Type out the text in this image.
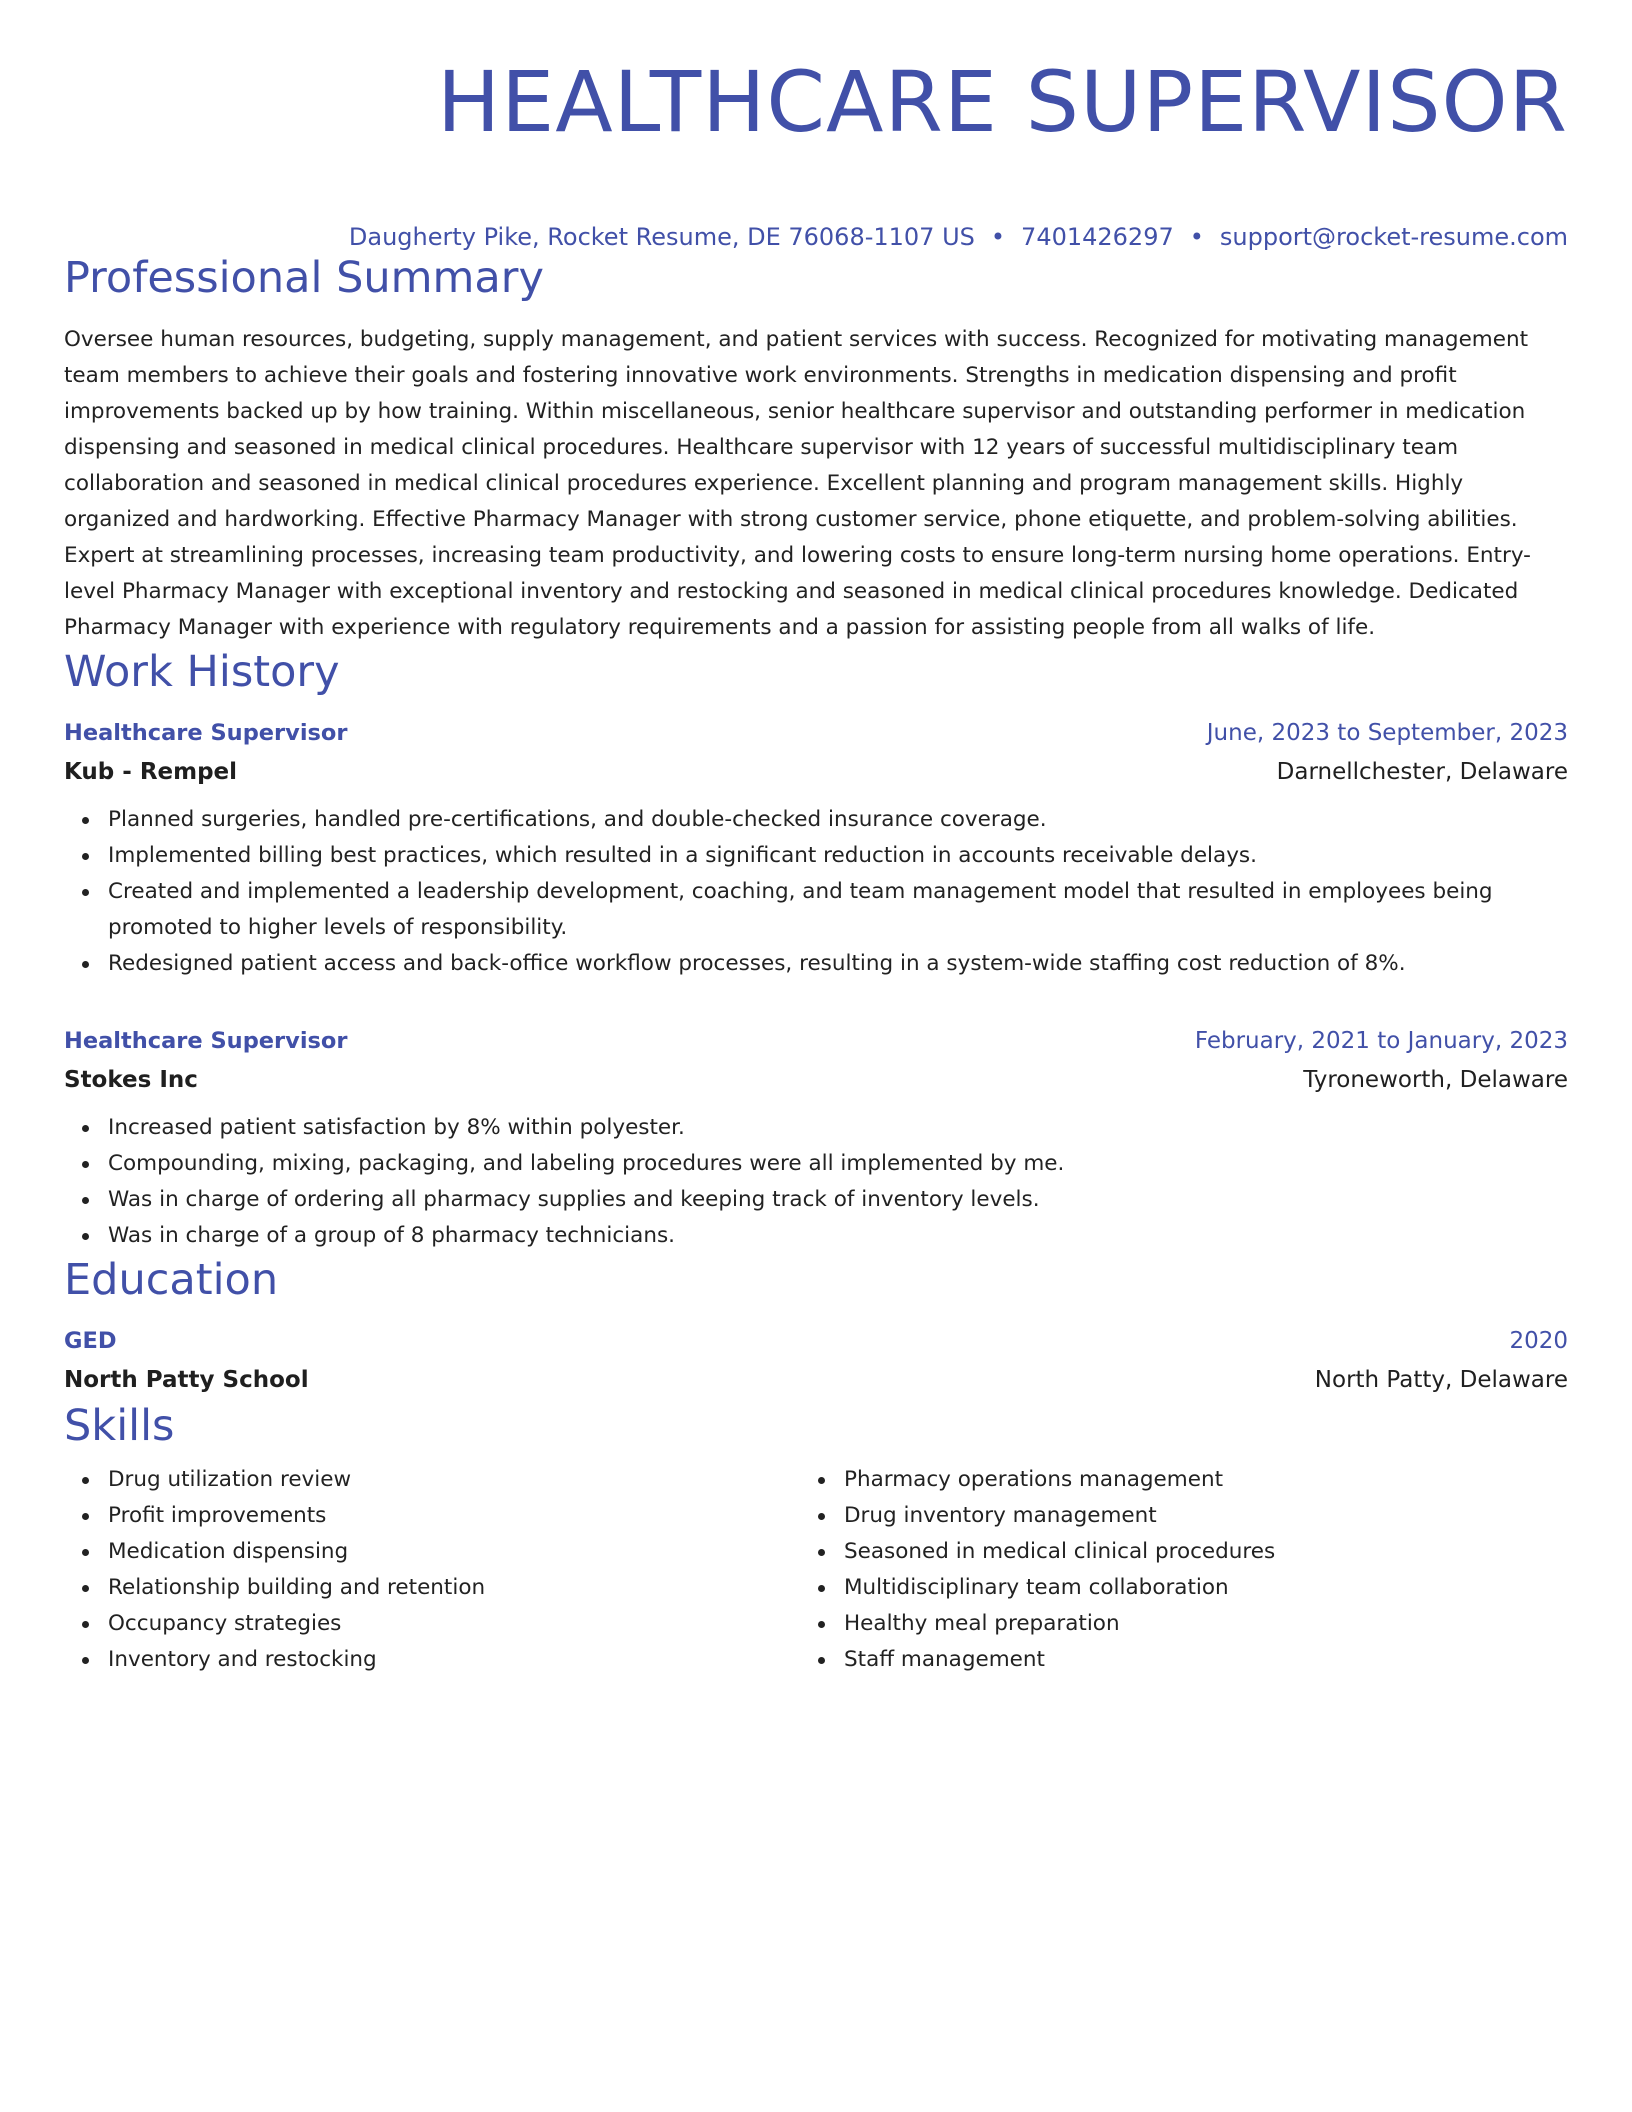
HEALTHCARE SUPERVISOR
Daugherty Pike, Rocket Resume, DE 76068-1107 US • 7401426297 • support@rocket-resume.com
Professional Summary
Oversee human resources, budgeting, supply management, and patient services with success. Recognized for motivating management team members to achieve their goals and fostering innovative work environments. Strengths in medication dispensing and profit improvements backed up by how training. Within miscellaneous, senior healthcare supervisor and outstanding performer in medication dispensing and seasoned in medical clinical procedures. Healthcare supervisor with 12 years of successful multidisciplinary team collaboration and seasoned in medical clinical procedures experience. Excellent planning and program management skills. Highly organized and hardworking. Effective Pharmacy Manager with strong customer service, phone etiquette, and problem-solving abilities. Expert at streamlining processes, increasing team productivity, and lowering costs to ensure long-term nursing home operations. Entry-level Pharmacy Manager with exceptional inventory and restocking and seasoned in medical clinical procedures knowledge. Dedicated Pharmacy Manager with experience with regulatory requirements and a passion for assisting people from all walks of life.
Work History
Healthcare Supervisor	June, 2023 to September, 2023
Kub - Rempel	Darnellchester, Delaware
Planned surgeries, handled pre-certifications, and double-checked insurance coverage.
Implemented billing best practices, which resulted in a significant reduction in accounts receivable delays.
Created and implemented a leadership development, coaching, and team management model that resulted in employees being promoted to higher levels of responsibility.
Redesigned patient access and back-office workflow processes, resulting in a system-wide staffing cost reduction of 8%.
Healthcare Supervisor	February, 2021 to January, 2023
Stokes Inc	Tyroneworth, Delaware
Increased patient satisfaction by 8% within polyester.
Compounding, mixing, packaging, and labeling procedures were all implemented by me.
Was in charge of ordering all pharmacy supplies and keeping track of inventory levels.
Was in charge of a group of 8 pharmacy technicians.
Education
GED	2020
North Patty School	North Patty, Delaware
Skills
Drug utilization review
Profit improvements
Medication dispensing
Relationship building and retention
Occupancy strategies
Inventory and restocking
Pharmacy operations management
Drug inventory management
Seasoned in medical clinical procedures
Multidisciplinary team collaboration
Healthy meal preparation
Staff management
